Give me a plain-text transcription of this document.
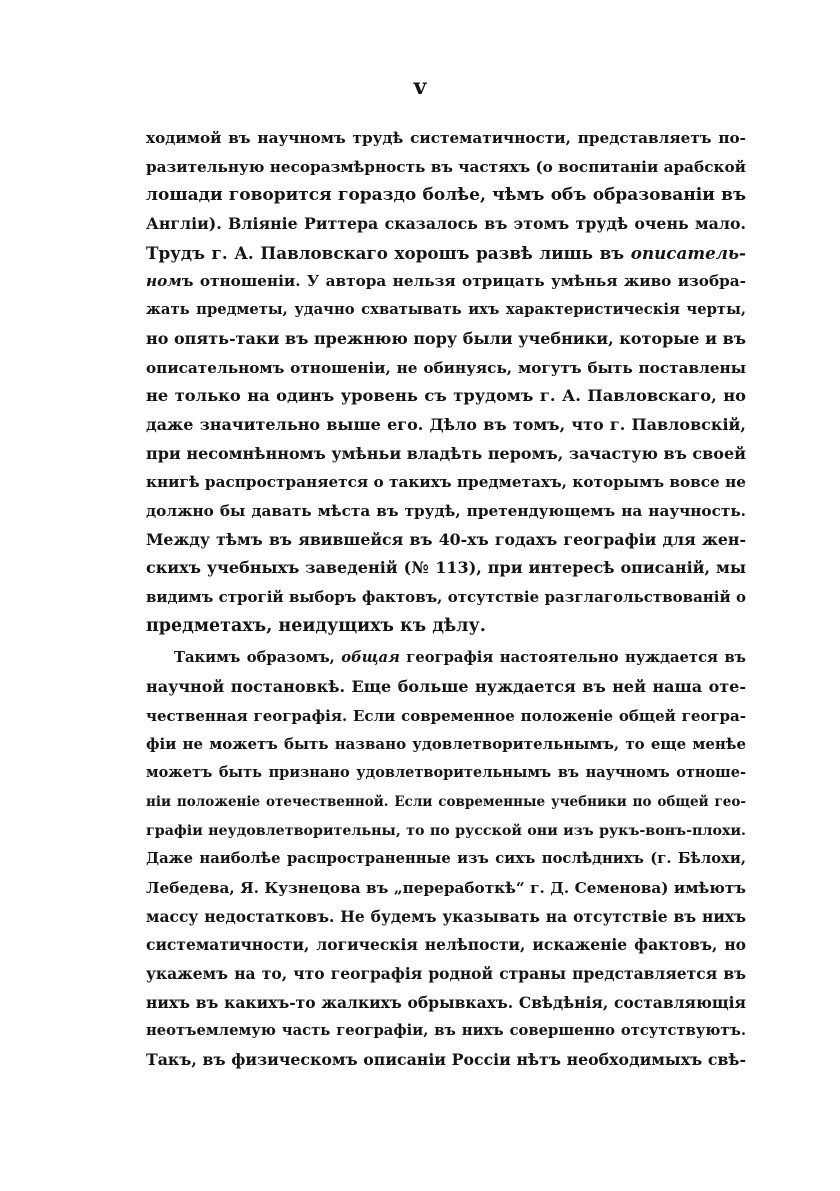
v
ходимой въ научномъ трудѣ систематичности, представляетъ по-
разительную несоразмѣрность въ частяхъ (о воспитаніи арабской
лошади говорится гораздо болѣе, чѣмъ объ образованіи въ
Англіи). Вліяніе Риттера сказалось въ этомъ трудѣ очень мало.
Трудъ г. А. Павловскаго хорошъ развѣ лишь въ описатель-
номъ отношеніи. У автора нельзя отрицать умѣнья живо изобра-
жать предметы, удачно схватывать ихъ характеристическія черты,
но опять-таки въ прежнюю пору были учебники, которые и въ
описательномъ отношеніи, не обинуясь, могутъ быть поставлены
не только на одинъ уровень съ трудомъ г. А. Павловскаго, но
даже значительно выше его. Дѣло въ томъ, что г. Павловскій,
при несомнѣнномъ умѣньи владѣть перомъ, зачастую въ своей
книгѣ распространяется о такихъ предметахъ, которымъ вовсе не
должно бы давать мѣста въ трудѣ, претендующемъ на научность.
Между тѣмъ въ явившейся въ 40-хъ годахъ географіи для жен-
скихъ учебныхъ заведеній (№ 113), при интересѣ описаній, мы
видимъ строгій выборъ фактовъ, отсутствіе разглагольствованій о
предметахъ, неидущихъ къ дѣлу.
Такимъ образомъ, общая географія настоятельно нуждается въ
научной постановкѣ. Еще больше нуждается въ ней наша оте-
чественная географія. Если современное положеніе общей геогра-
фіи не можетъ быть названо удовлетворительнымъ, то еще менѣе
можетъ быть признано удовлетворительнымъ въ научномъ отноше-
ніи положеніе отечественной. Если современные учебники по общей гео-
графіи неудовлетворительны, то по русской они изъ рукъ-вонъ-плохи.
Даже наиболѣе распространенные изъ сихъ послѣднихъ (г. Бѣлохи,
Лебедева, Я. Кузнецова въ „переработкѣ“ г. Д. Семенова) имѣютъ
массу недостатковъ. Не будемъ указывать на отсутствіе въ нихъ
систематичности, логическія нелѣпости, искаженіе фактовъ, но
укажемъ на то, что географія родной страны представляется въ
нихъ въ какихъ-то жалкихъ обрывкахъ. Свѣдѣнія, составляющія
неотъемлемую часть географіи, въ нихъ совершенно отсутствуютъ.
Такъ, въ физическомъ описаніи Россіи нѣтъ необходимыхъ свѣ-
